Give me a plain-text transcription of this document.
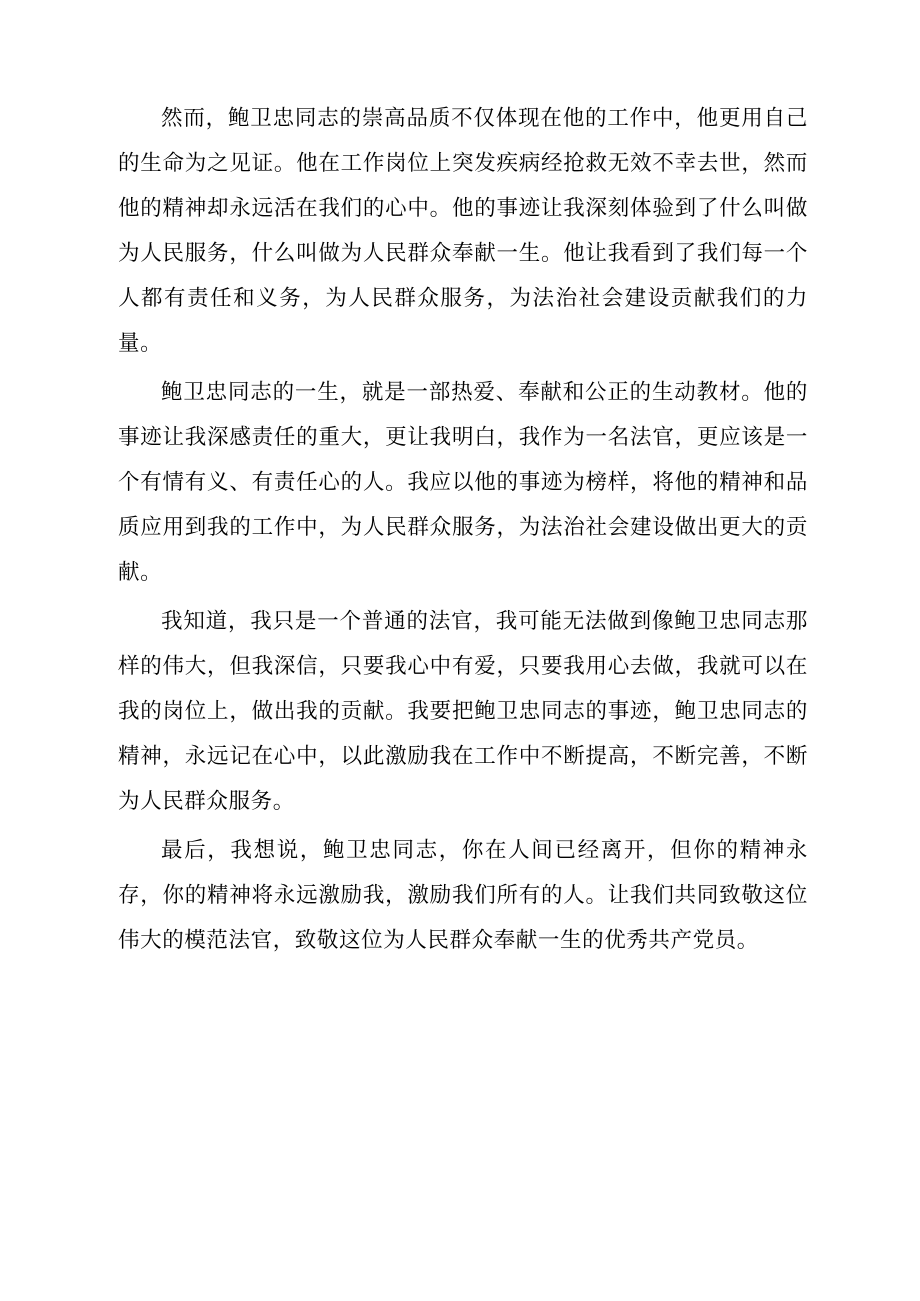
然而，鲍卫忠同志的崇高品质不仅体现在他的工作中，他更用自己的生命为之见证。他在工作岗位上突发疾病经抢救无效不幸去世，然而他的精神却永远活在我们的心中。他的事迹让我深刻体验到了什么叫做为人民服务，什么叫做为人民群众奉献一生。他让我看到了我们每一个人都有责任和义务，为人民群众服务，为法治社会建设贡献我们的力量。

鲍卫忠同志的一生，就是一部热爱、奉献和公正的生动教材。他的事迹让我深感责任的重大，更让我明白，我作为一名法官，更应该是一个有情有义、有责任心的人。我应以他的事迹为榜样，将他的精神和品质应用到我的工作中，为人民群众服务，为法治社会建设做出更大的贡献。

我知道，我只是一个普通的法官，我可能无法做到像鲍卫忠同志那样的伟大，但我深信，只要我心中有爱，只要我用心去做，我就可以在我的岗位上，做出我的贡献。我要把鲍卫忠同志的事迹，鲍卫忠同志的精神，永远记在心中，以此激励我在工作中不断提高，不断完善，不断为人民群众服务。

最后，我想说，鲍卫忠同志，你在人间已经离开，但你的精神永存，你的精神将永远激励我，激励我们所有的人。让我们共同致敬这位伟大的模范法官，致敬这位为人民群众奉献一生的优秀共产党员。
